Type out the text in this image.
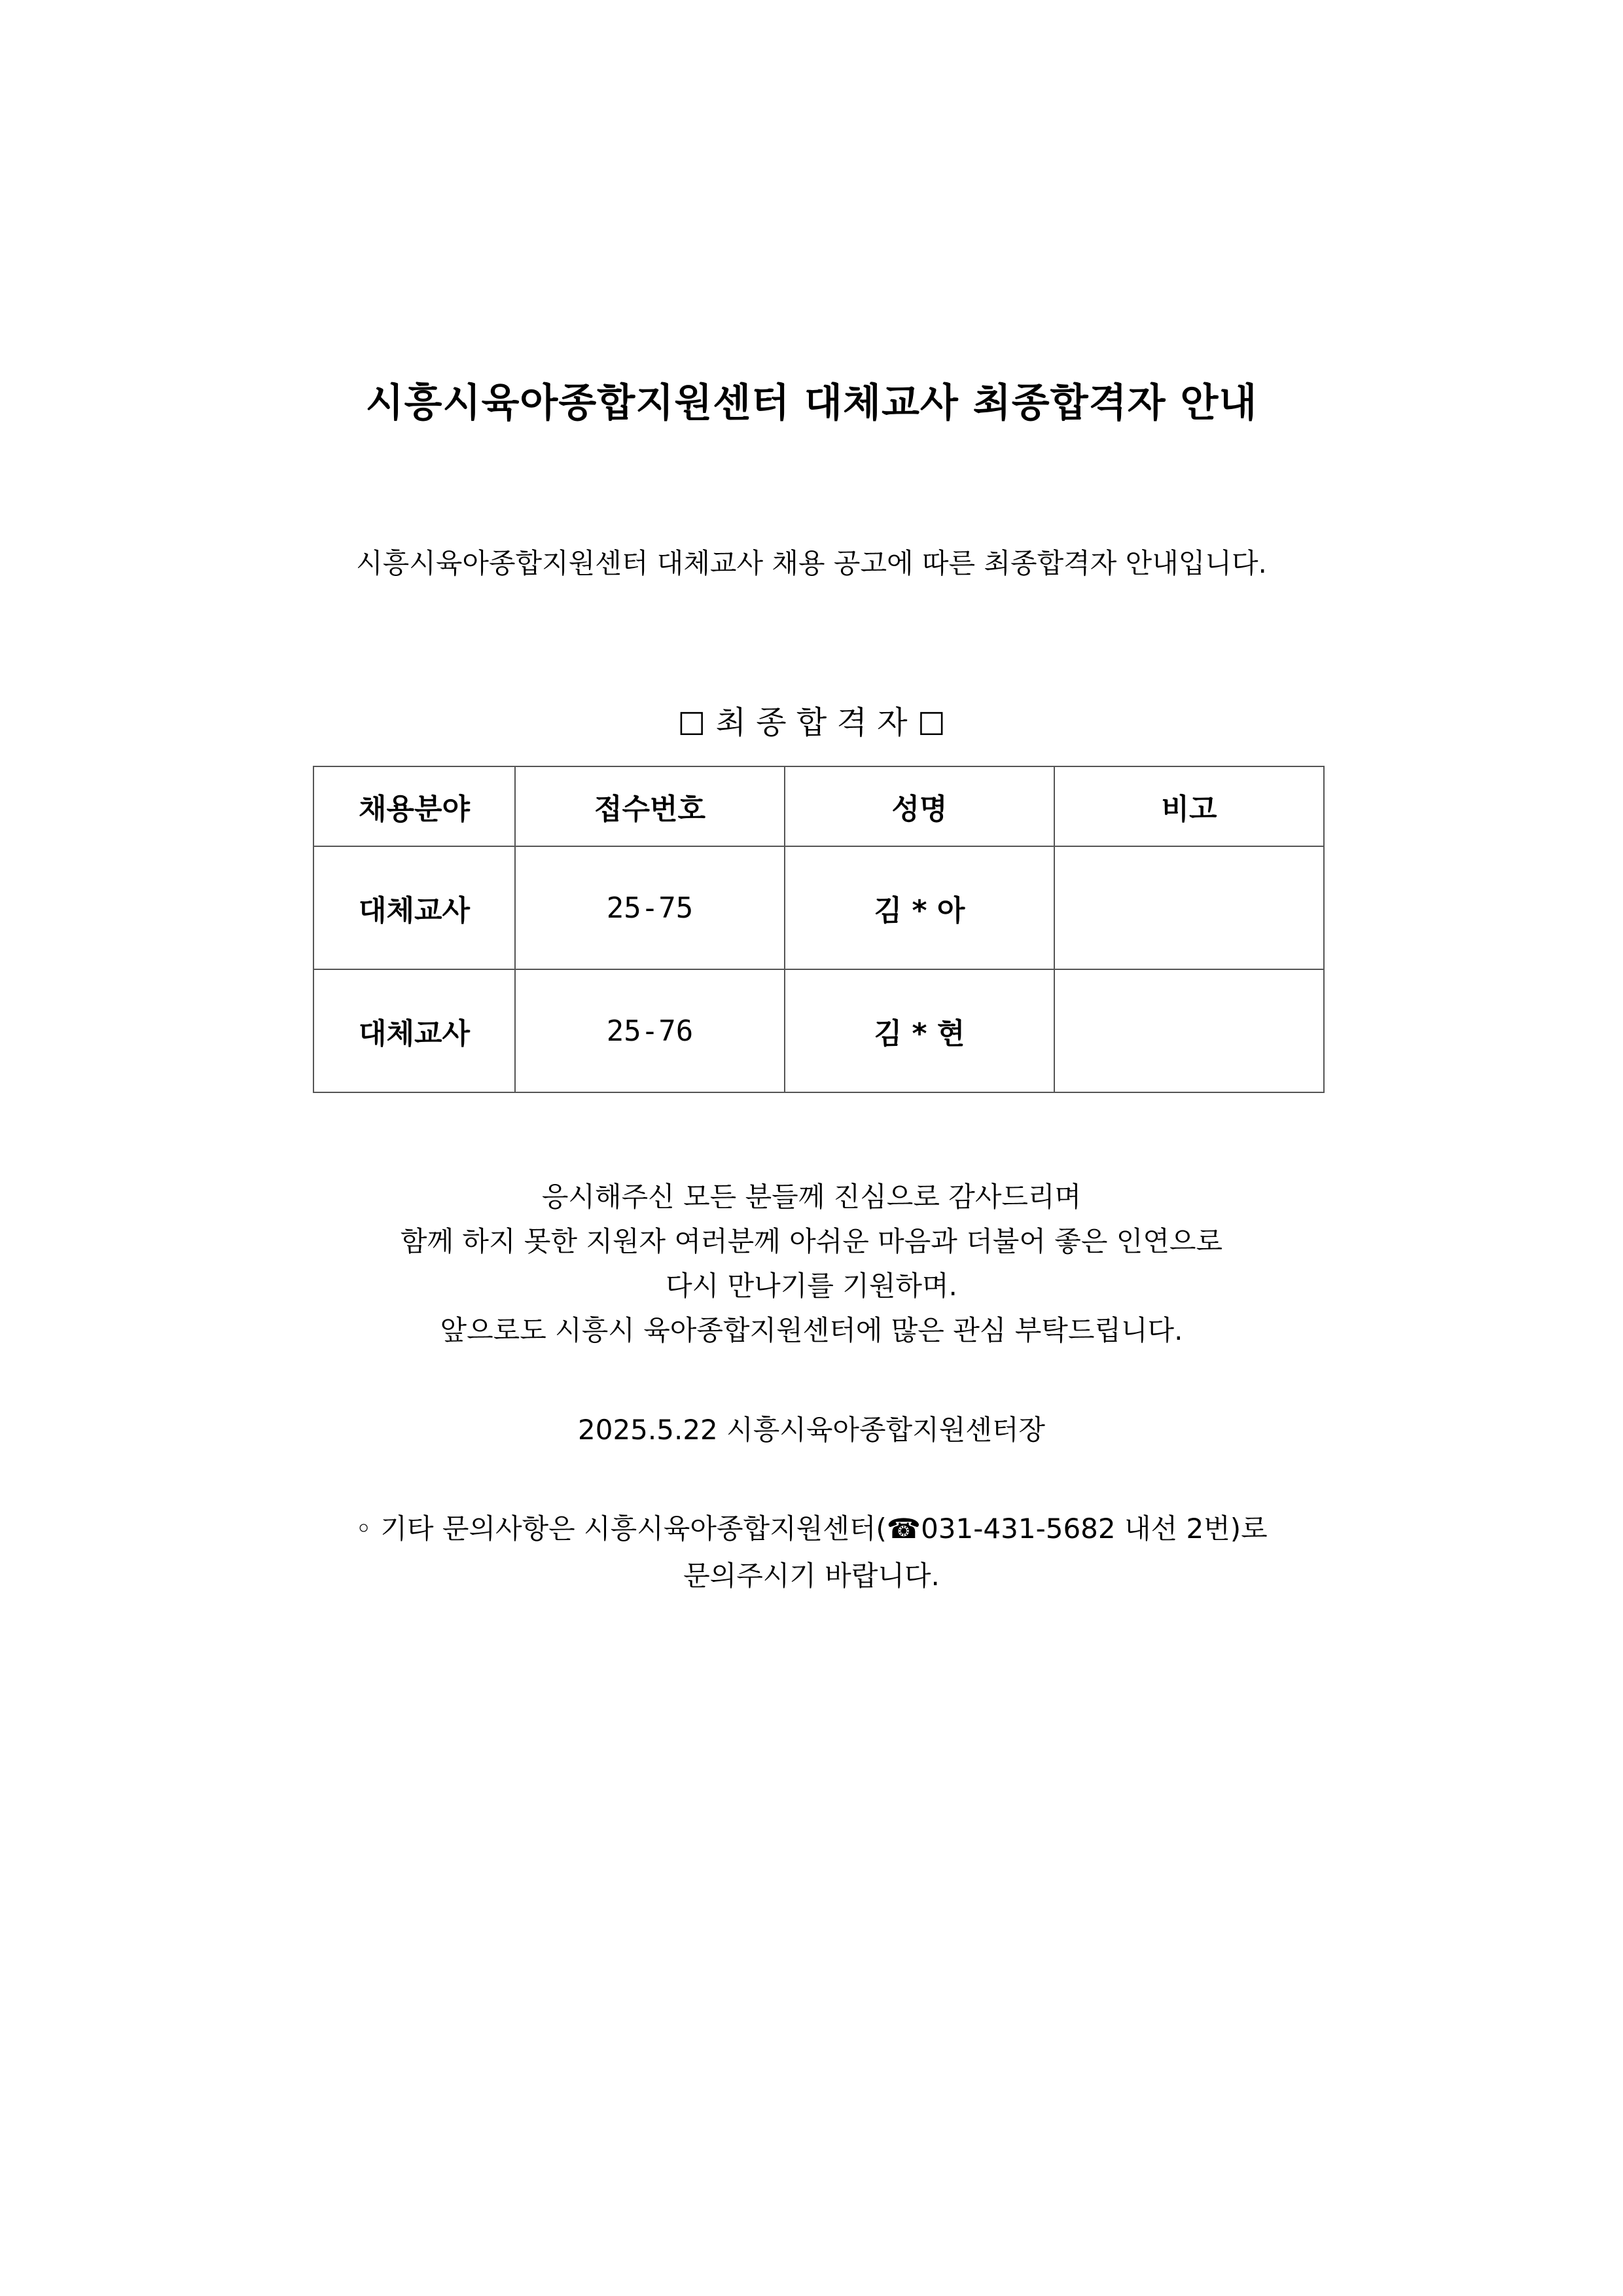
시흥시육아종합지원센터 대체교사 최종합격자 안내
시흥시육아종합지원센터 대체교사 채용 공고에 따른 최종합격자 안내입니다.
☐ 최 종 합 격 자 ☐
채용분야	접수번호	성명	비고
대체교사	25-75	김 * 아	
대체교사	25-76	김 * 현	
응시해주신 모든 분들께 진심으로 감사드리며
함께 하지 못한 지원자 여러분께 아쉬운 마음과 더불어 좋은 인연으로
다시 만나기를 기원하며.
앞으로도 시흥시 육아종합지원센터에 많은 관심 부탁드립니다.
2025.5.22 시흥시육아종합지원센터장
◦ 기타 문의사항은 시흥시육아종합지원센터(☎031-431-5682 내선 2번)로
문의주시기 바랍니다.
